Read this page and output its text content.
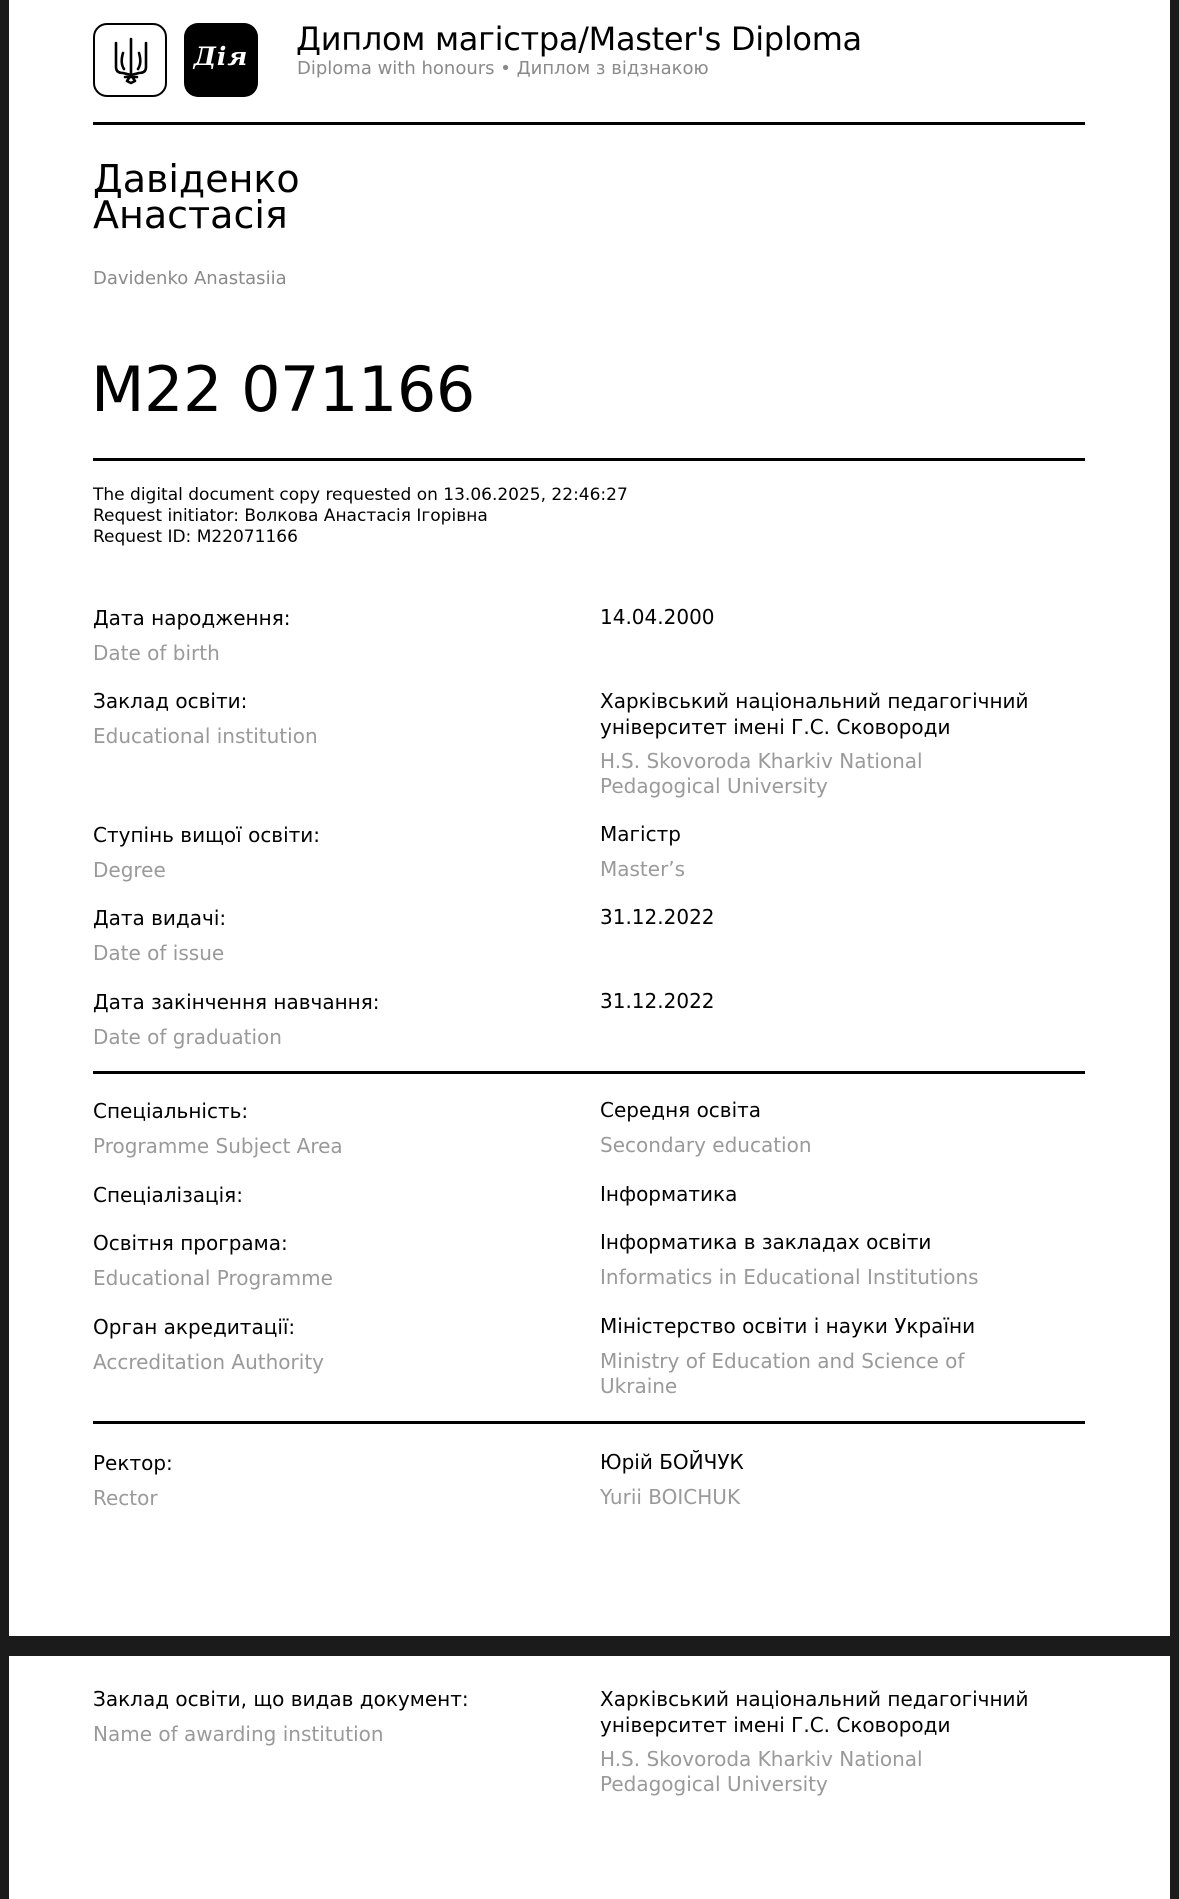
Дія	Диплом магістра/Master's Diploma
Diploma with honours • Диплом з відзнакою
Давіденко
Анастасія
Davidenko Anastasiia
M22 071166
The digital document copy requested on 13.06.2025, 22:46:27
Request initiator: Волкова Анастасія Ігорівна
Request ID: M22071166
Дата народження:
Date of birth
14.04.2000
Заклад освіти:
Educational institution
Харківський національний педагогічний
університет імені Г.С. Сковороди
H.S. Skovoroda Kharkiv National
Pedagogical University
Ступінь вищої освіти:
Degree
Магістр
Master’s
Дата видачі:
Date of issue
31.12.2022
Дата закінчення навчання:
Date of graduation
31.12.2022
Спеціальність:
Programme Subject Area
Середня освіта
Secondary education
Спеціалізація:	Інформатика
Освітня програма:
Educational Programme
Інформатика в закладах освіти
Informatics in Educational Institutions
Орган акредитації:
Accreditation Authority
Міністерство освіти і науки України
Ministry of Education and Science of
Ukraine
Ректор:
Rector
Юрій БОЙЧУК
Yurii BOICHUK
Заклад освіти, що видав документ:
Name of awarding institution
Харківський національний педагогічний
університет імені Г.С. Сковороди
H.S. Skovoroda Kharkiv National
Pedagogical University
